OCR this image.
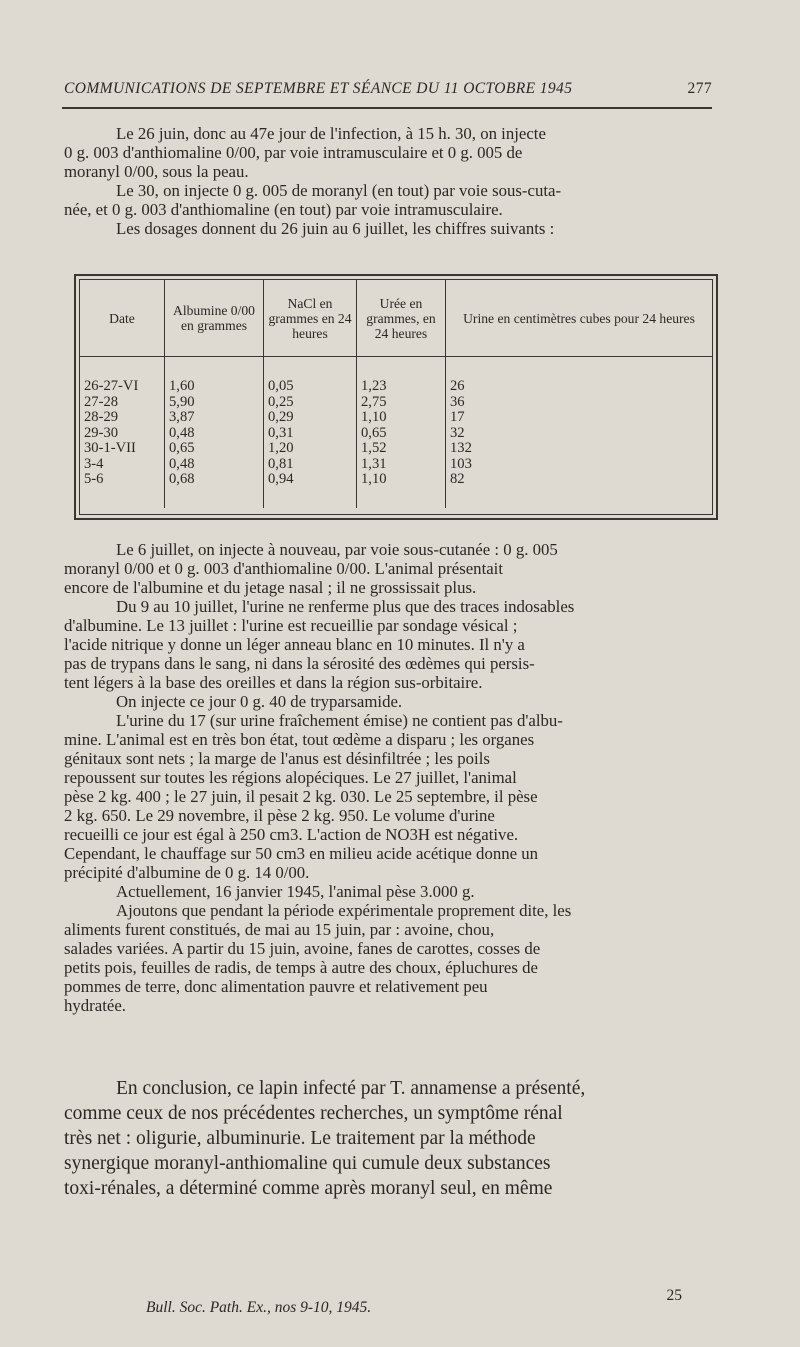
COMMUNICATIONS DE SEPTEMBRE ET SÉANCE DU 11 OCTOBRE 1945	277

Le 26 juin, donc au 47e jour de l'infection, à 15 h. 30, on injecte

0 g. 003 d'anthiomaline 0/00, par voie intramusculaire et 0 g. 005 de
moranyl 0/00, sous la peau.
Le 30, on injecte 0 g. 005 de moranyl (en tout) par voie sous-cuta-
née, et 0 g. 003 d'anthiomaline (en tout) par voie intramusculaire.
Les dosages donnent du 26 juin au 6 juillet, les chiffres suivants :
Date	Albumine 0/00 en grammes	NaCl en grammes en 24 heures	Urée en grammes, en 24 heures	Urine en centimètres cubes pour 24 heures
26-27-VI	1,60	0,05	1,23	26
27-28	5,90	0,25	2,75	36
28-29	3,87	0,29	1,10	17
29-30	0,48	0,31	0,65	32
30-1-VII	0,65	1,20	1,52	132
3-4	0,48	0,81	1,31	103
5-6	0,68	0,94	1,10	82
Le 6 juillet, on injecte à nouveau, par voie sous-cutanée : 0 g. 005
moranyl 0/00 et 0 g. 003 d'anthiomaline 0/00. L'animal présentait
encore de l'albumine et du jetage nasal ; il ne grossissait plus.
Du 9 au 10 juillet, l'urine ne renferme plus que des traces indosables
d'albumine. Le 13 juillet : l'urine est recueillie par sondage vésical ;
l'acide nitrique y donne un léger anneau blanc en 10 minutes. Il n'y a
pas de trypans dans le sang, ni dans la sérosité des œdèmes qui persis-
tent légers à la base des oreilles et dans la région sus-orbitaire.
On injecte ce jour 0 g. 40 de tryparsamide.
L'urine du 17 (sur urine fraîchement émise) ne contient pas d'albu-
mine. L'animal est en très bon état, tout œdème a disparu ; les organes
génitaux sont nets ; la marge de l'anus est désinfiltrée ; les poils
repoussent sur toutes les régions alopéciques. Le 27 juillet, l'animal
pèse 2 kg. 400 ; le 27 juin, il pesait 2 kg. 030. Le 25 septembre, il pèse
2 kg. 650. Le 29 novembre, il pèse 2 kg. 950. Le volume d'urine
recueilli ce jour est égal à 250 cm3. L'action de NO3H est négative.
Cependant, le chauffage sur 50 cm3 en milieu acide acétique donne un
précipité d'albumine de 0 g. 14 0/00.
Actuellement, 16 janvier 1945, l'animal pèse 3.000 g.
Ajoutons que pendant la période expérimentale proprement dite, les
aliments furent constitués, de mai au 15 juin, par : avoine, chou,
salades variées. A partir du 15 juin, avoine, fanes de carottes, cosses de
petits pois, feuilles de radis, de temps à autre des choux, épluchures de
pommes de terre, donc alimentation pauvre et relativement peu
hydratée.
En conclusion, ce lapin infecté par T. annamense a présenté,
comme ceux de nos précédentes recherches, un symptôme rénal
très net : oligurie, albuminurie. Le traitement par la méthode
synergique moranyl-anthiomaline qui cumule deux substances
toxi-rénales, a déterminé comme après moranyl seul, en même
Bull. Soc. Path. Ex., nos 9-10, 1945.
25
